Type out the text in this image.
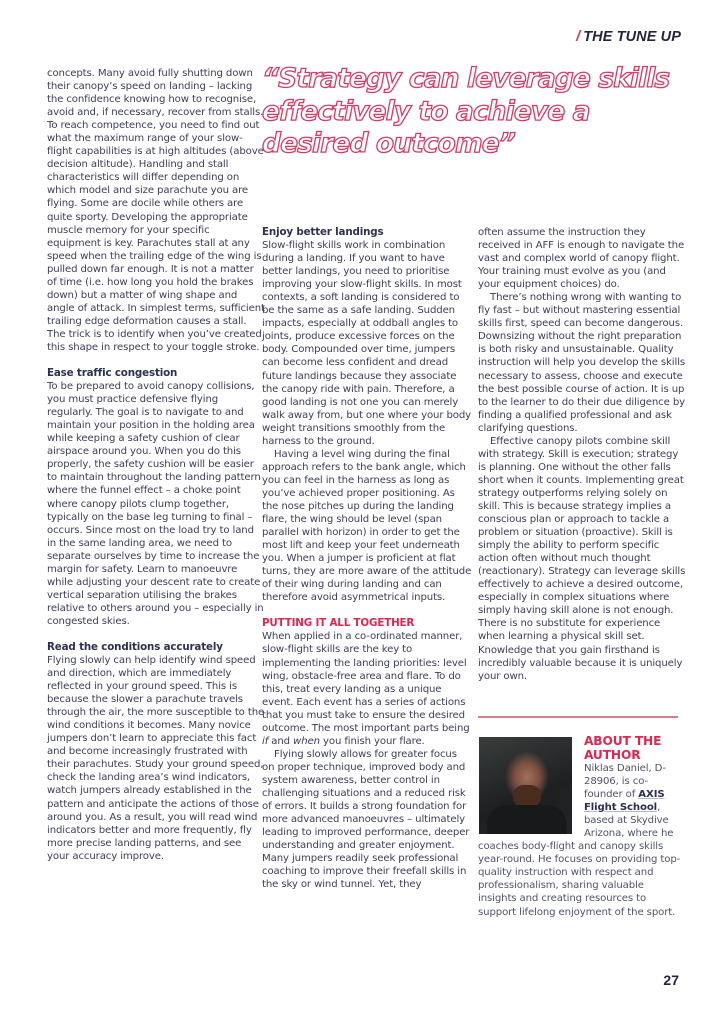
/ THE TUNE UP
“Strategy can leverage skills effectively to achieve a desired outcome”

concepts. Many avoid fully shutting down their canopy’s speed on landing – lacking the confidence knowing how to recognise, avoid and, if necessary, recover from stalls. To reach competence, you need to find out what the maximum range of your slow-flight capabilities is at high altitudes (above decision altitude). Handling and stall characteristics will differ depending on which model and size parachute you are flying. Some are docile while others are quite sporty. Developing the appropriate muscle memory for your specific equipment is key. Parachutes stall at any speed when the trailing edge of the wing is pulled down far enough. It is not a matter of time (i.e. how long you hold the brakes down) but a matter of wing shape and angle of attack. In simplest terms, sufficient trailing edge deformation causes a stall. The trick is to identify when you’ve created this shape in respect to your toggle stroke.

Ease traffic congestion

To be prepared to avoid canopy collisions, you must practice defensive flying regularly. The goal is to navigate to and maintain your position in the holding area while keeping a safety cushion of clear airspace around you. When you do this properly, the safety cushion will be easier to maintain throughout the landing pattern where the funnel effect – a choke point where canopy pilots clump together, typically on the base leg turning to final – occurs. Since most on the load try to land in the same landing area, we need to separate ourselves by time to increase the margin for safety. Learn to manoeuvre while adjusting your descent rate to create vertical separation utilising the brakes relative to others around you – especially in congested skies.

Read the conditions accurately

Flying slowly can help identify wind speed and direction, which are immediately reflected in your ground speed. This is because the slower a parachute travels through the air, the more susceptible to the wind conditions it becomes. Many novice jumpers don’t learn to appreciate this fact and become increasingly frustrated with their parachutes. Study your ground speed, check the landing area’s wind indicators, watch jumpers already established in the pattern and anticipate the actions of those around you. As a result, you will read wind indicators better and more frequently, fly more precise landing patterns, and see your accuracy improve.

Enjoy better landings

Slow-flight skills work in combination during a landing. If you want to have better landings, you need to prioritise improving your slow-flight skills. In most contexts, a soft landing is considered to be the same as a safe landing. Sudden impacts, especially at oddball angles to joints, produce excessive forces on the body. Compounded over time, jumpers can become less confident and dread future landings because they associate the canopy ride with pain. Therefore, a good landing is not one you can merely walk away from, but one where your body weight transitions smoothly from the harness to the ground.

Having a level wing during the final approach refers to the bank angle, which you can feel in the harness as long as you’ve achieved proper positioning. As the nose pitches up during the landing flare, the wing should be level (span parallel with horizon) in order to get the most lift and keep your feet underneath you. When a jumper is proficient at flat turns, they are more aware of the attitude of their wing during landing and can therefore avoid asymmetrical inputs.

PUTTING IT ALL TOGETHER

When applied in a co-ordinated manner, slow-flight skills are the key to implementing the landing priorities: level wing, obstacle-free area and flare. To do this, treat every landing as a unique event. Each event has a series of actions that you must take to ensure the desired outcome. The most important parts being if and when you finish your flare.

Flying slowly allows for greater focus on proper technique, improved body and system awareness, better control in challenging situations and a reduced risk of errors. It builds a strong foundation for more advanced manoeuvres – ultimately leading to improved performance, deeper understanding and greater enjoyment. Many jumpers readily seek professional coaching to improve their freefall skills in the sky or wind tunnel. Yet, they

often assume the instruction they received in AFF is enough to navigate the vast and complex world of canopy flight. Your training must evolve as you (and your equipment choices) do.

There’s nothing wrong with wanting to fly fast – but without mastering essential skills first, speed can become dangerous. Downsizing without the right preparation is both risky and unsustainable. Quality instruction will help you develop the skills necessary to assess, choose and execute the best possible course of action. It is up to the learner to do their due diligence by finding a qualified professional and ask clarifying questions.

Effective canopy pilots combine skill with strategy. Skill is execution; strategy is planning. One without the other falls short when it counts. Implementing great strategy outperforms relying solely on skill. This is because strategy implies a conscious plan or approach to tackle a problem or situation (proactive). Skill is simply the ability to perform specific action often without much thought (reactionary). Strategy can leverage skills effectively to achieve a desired outcome, especially in complex situations where simply having skill alone is not enough. There is no substitute for experience when learning a physical skill set. Knowledge that you gain firsthand is incredibly valuable because it is uniquely your own.

ABOUT THE AUTHOR
Niklas Daniel, D-28906, is co-founder of AXIS Flight School, based at Skydive Arizona, where he coaches body-flight and canopy skills year-round. He focuses on providing top-quality instruction with respect and professionalism, sharing valuable insights and creating resources to support lifelong enjoyment of the sport.
27
